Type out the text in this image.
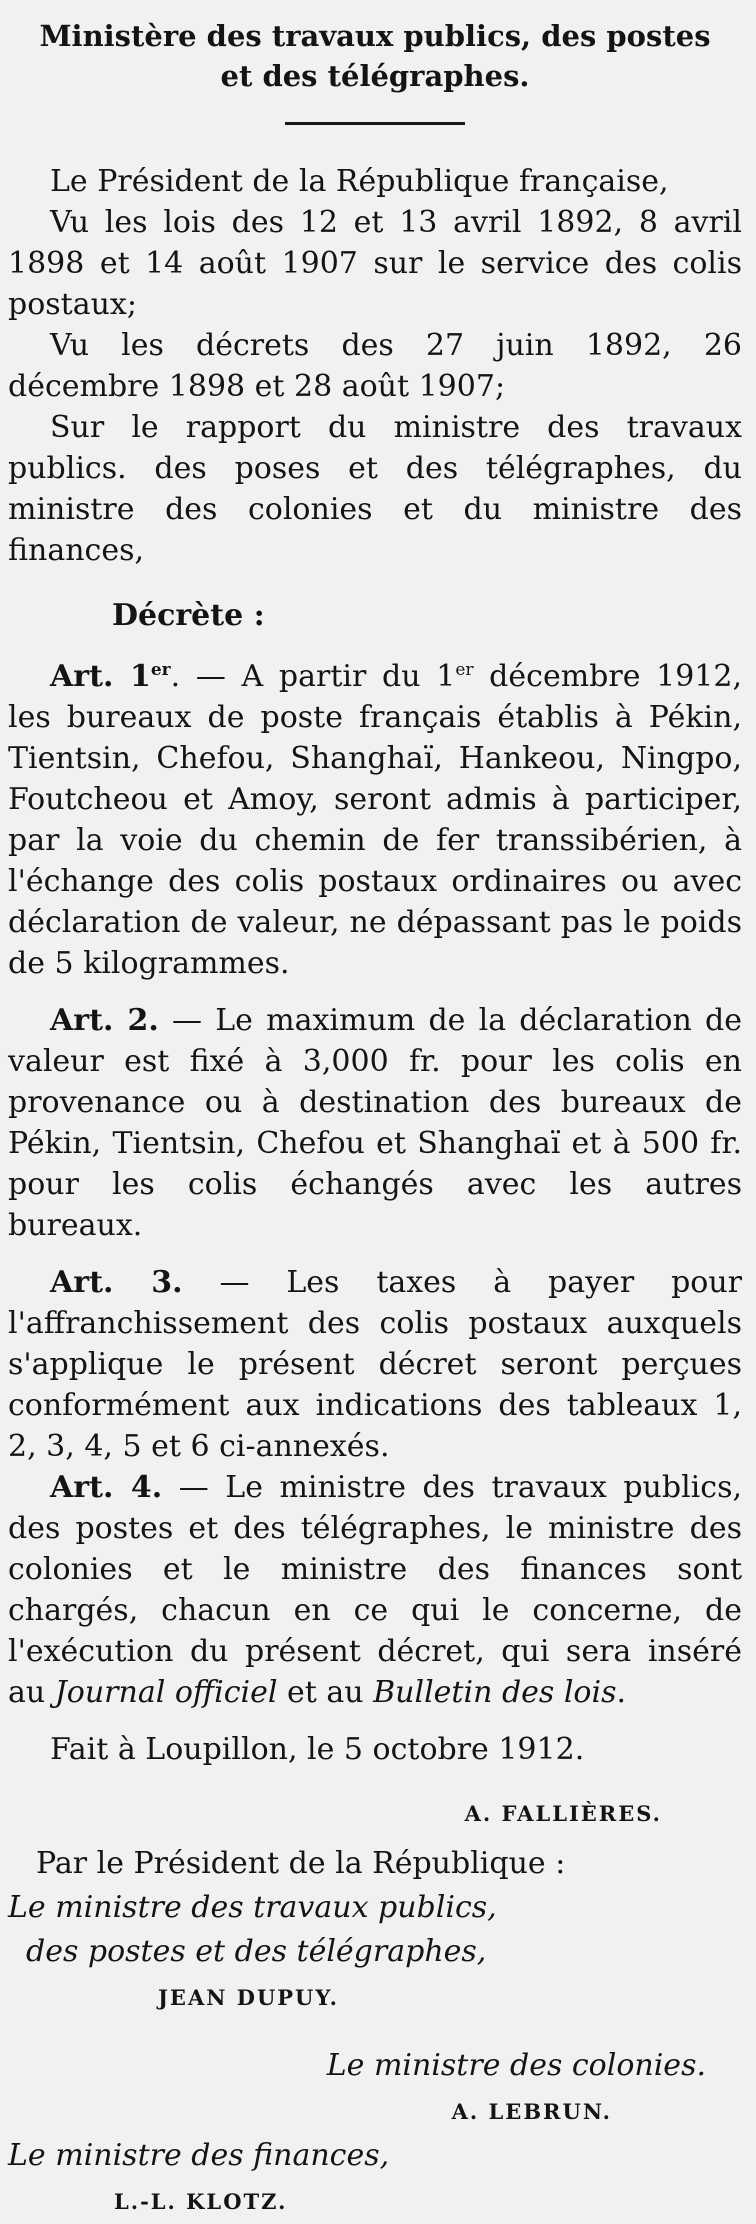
Ministère des travaux publics, des postes
et des télégraphes.

Le Président de la République française,

Vu les lois des 12 et 13 avril 1892, 8 avril 1898 et 14 août 1907 sur le service des colis postaux;

Vu les décrets des 27 juin 1892, 26 décembre 1898 et 28 août 1907;

Sur le rapport du ministre des travaux publics. des poses et des télégraphes, du ministre des colonies et du ministre des finances,

Décrète :

Art. 1er. — A partir du 1er décembre 1912, les bureaux de poste français établis à Pékin, Tientsin, Chefou, Shanghaï, Hankeou, Ningpo, Foutcheou et Amoy, seront admis à participer, par la voie du chemin de fer transsibérien, à l'échange des colis postaux ordinaires ou avec déclaration de valeur, ne dépassant pas le poids de 5 kilogrammes.

Art. 2. — Le maximum de la déclaration de valeur est fixé à 3,000 fr. pour les colis en provenance ou à destination des bureaux de Pékin, Tientsin, Chefou et Shanghaï et à 500 fr. pour les colis échangés avec les autres bureaux.

Art. 3. — Les taxes à payer pour l'affranchissement des colis postaux auxquels s'applique le présent décret seront perçues conformément aux indications des tableaux 1, 2, 3, 4, 5 et 6 ci-annexés.

Art. 4. — Le ministre des travaux publics, des postes et des télégraphes, le ministre des colonies et le ministre des finances sont chargés, chacun en ce qui le concerne, de l'exécution du présent décret, qui sera inséré au Journal officiel et au Bulletin des lois.

Fait à Loupillon, le 5 octobre 1912.

A. FALLIÈRES.
Par le Président de la République :
Le ministre des travaux publics,
des postes et des télégraphes,
JEAN DUPUY.
Le ministre des colonies.
A. LEBRUN.
Le ministre des finances,
L.-L. KLOTZ.
